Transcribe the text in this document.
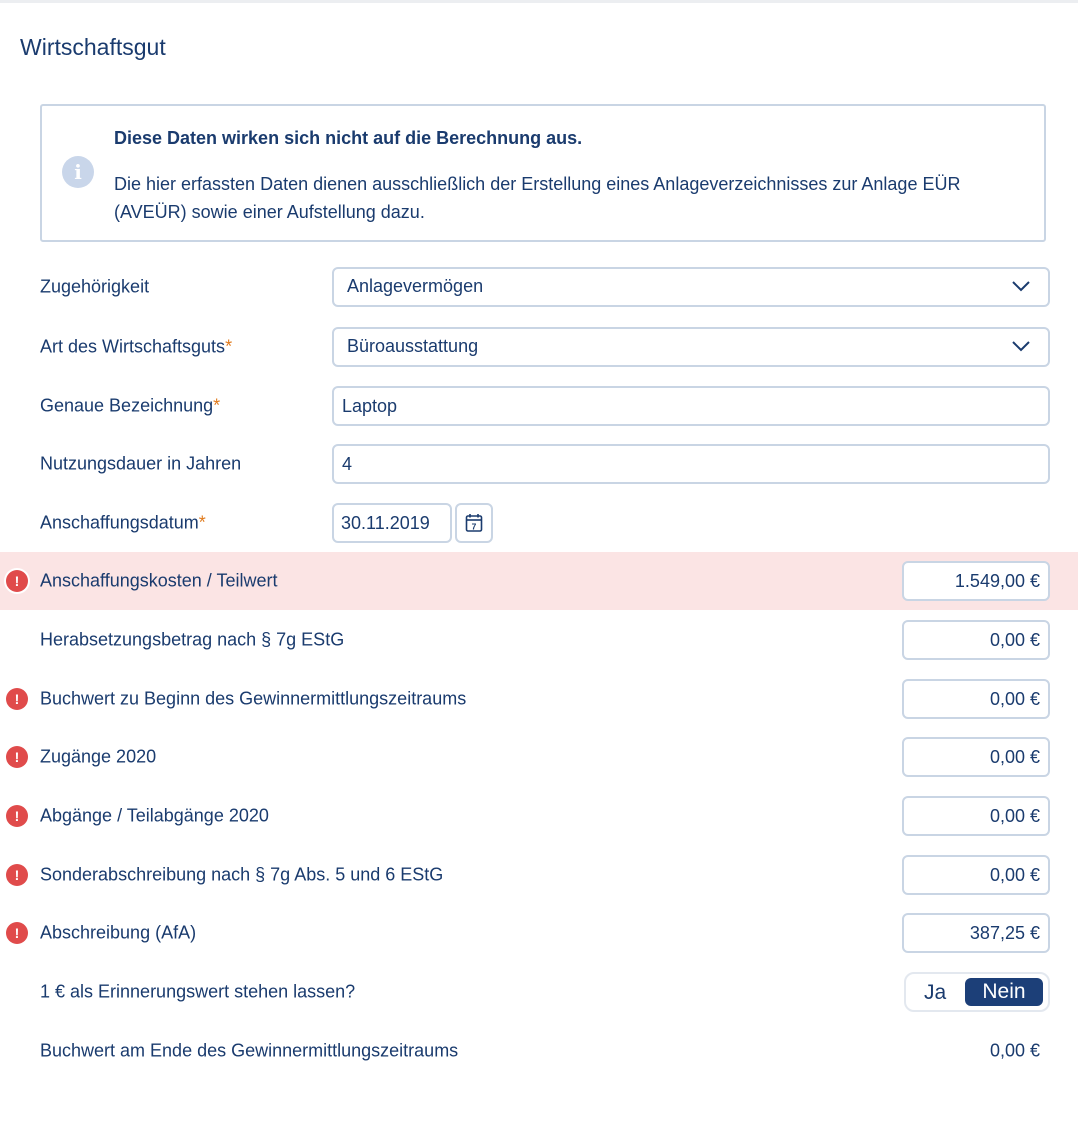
Wirtschaftsgut
i
Diese Daten wirken sich nicht auf die Berechnung aus.
Die hier erfassten Daten dienen ausschließlich der Erstellung eines Anlageverzeichnisses zur Anlage EÜR (AVEÜR) sowie einer Aufstellung dazu.
Zugehörigkeit	Anlagevermögen
Art des Wirtschaftsguts*	Büroausstattung
Genaue Bezeichnung*	Laptop
Nutzungsdauer in Jahren	4
Anschaffungsdatum*	30.11.2019	7
!	Anschaffungskosten / Teilwert	1.549,00 €
Herabsetzungsbetrag nach § 7g EStG	0,00 €
!	Buchwert zu Beginn des Gewinnermittlungszeitraums	0,00 €
!	Zugänge 2020	0,00 €
!	Abgänge / Teilabgänge 2020	0,00 €
!	Sonderabschreibung nach § 7g Abs. 5 und 6 EStG	0,00 €
!	Abschreibung (AfA)	387,25 €
1 € als Erinnerungswert stehen lassen?	Ja	Nein
Buchwert am Ende des Gewinnermittlungszeitraums	0,00 €
